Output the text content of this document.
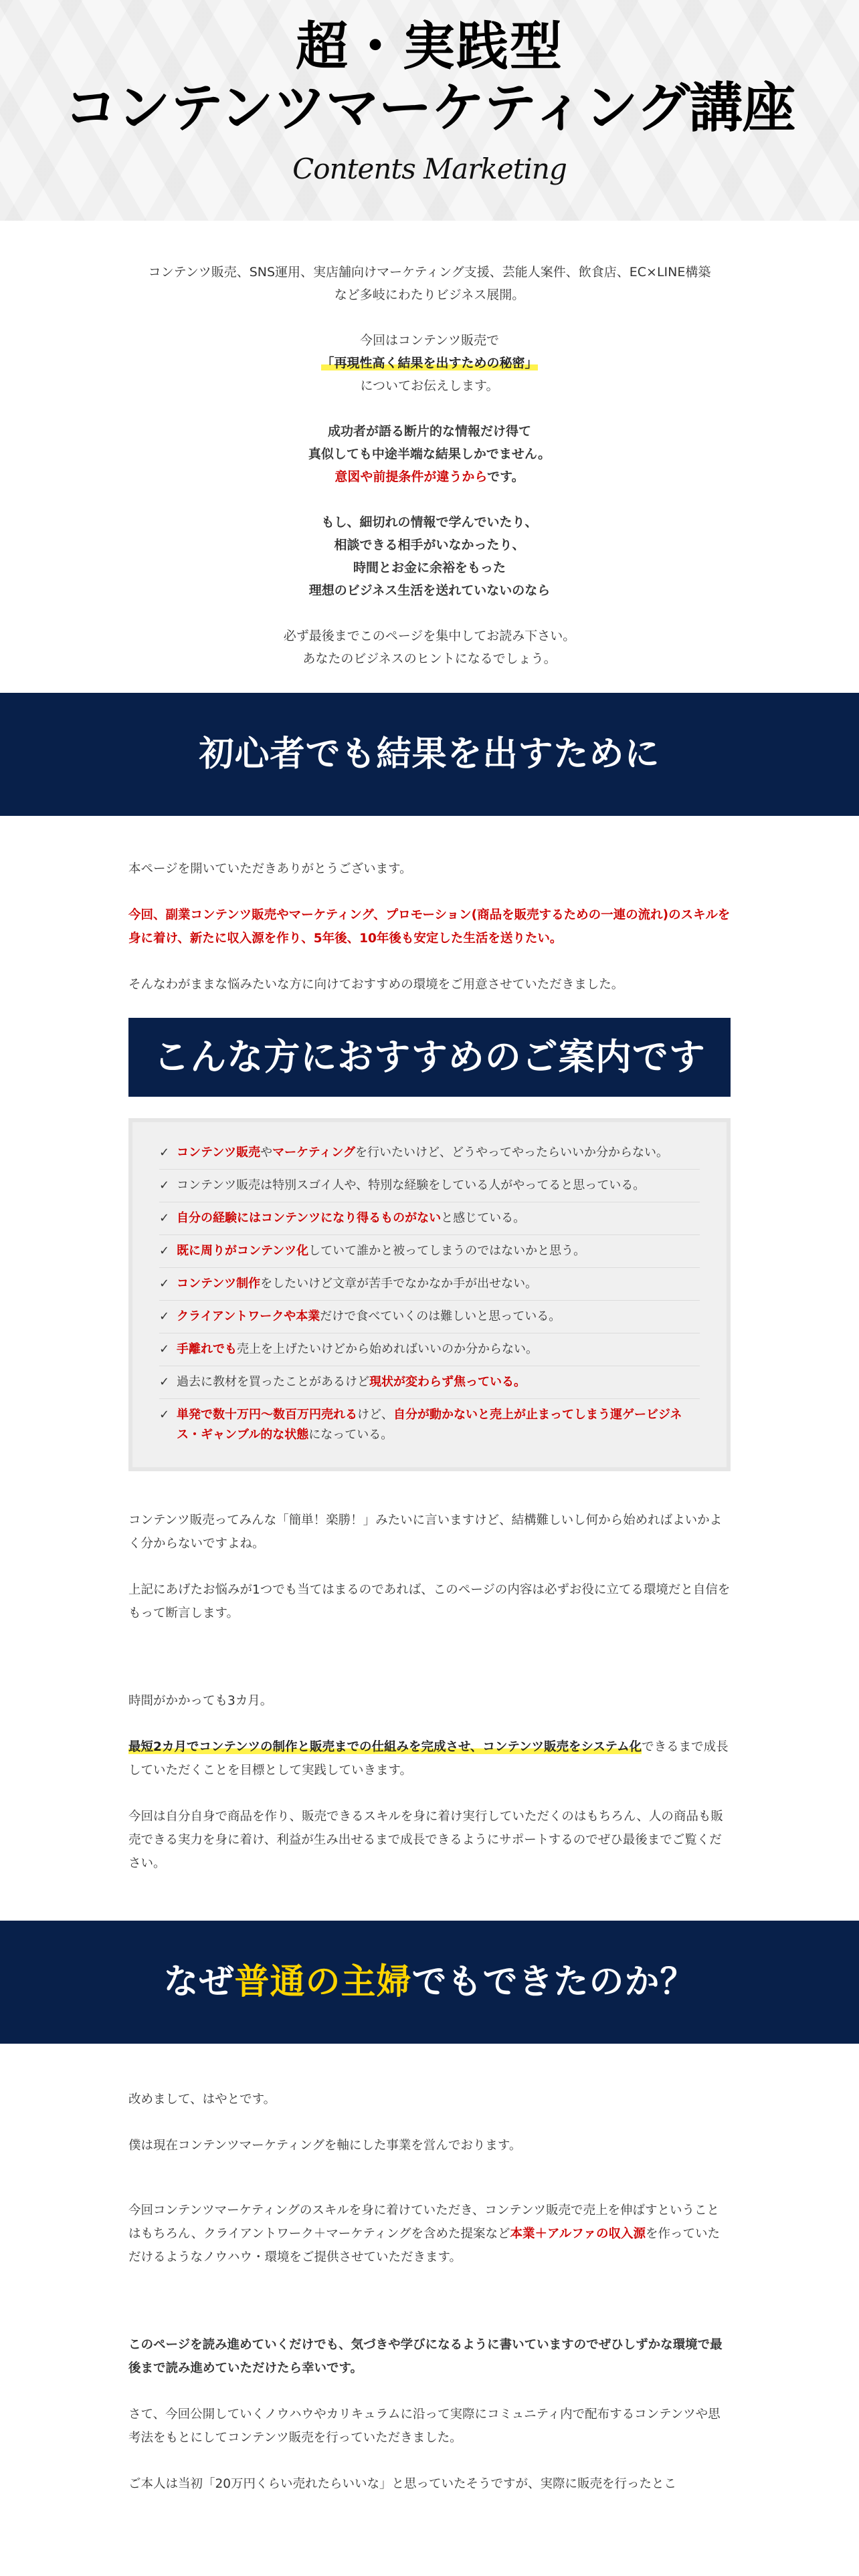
超・実践型
コンテンツマーケティング講座
Contents Marketing

コンテンツ販売、SNS運用、実店舗向けマーケティング支援、芸能人案件、飲食店、EC×LINE構築
など多岐にわたりビジネス展開。

今回はコンテンツ販売で
「再現性高く結果を出すための秘密」
についてお伝えします。

成功者が語る断片的な情報だけ得て
真似しても中途半端な結果しかでません。
意図や前提条件が違うからです。

もし、細切れの情報で学んでいたり、
相談できる相手がいなかったり、
時間とお金に余裕をもった
理想のビジネス生活を送れていないのなら

必ず最後までこのページを集中してお読み下さい。
あなたのビジネスのヒントになるでしょう。

初心者でも結果を出すために

本ページを開いていただきありがとうございます。

今回、副業コンテンツ販売やマーケティング、プロモーション(商品を販売するための一連の流れ)のスキルを身に着け、新たに収入源を作り、5年後、10年後も安定した生活を送りたい。

そんなわがままな悩みたいな方に向けておすすめの環境をご用意させていただきました。

こんな方におすすめのご案内です
✓ コンテンツ販売やマーケティングを行いたいけど、どうやってやったらいいか分からない。
✓ コンテンツ販売は特別スゴイ人や、特別な経験をしている人がやってると思っている。
✓ 自分の経験にはコンテンツになり得るものがないと感じている。
✓ 既に周りがコンテンツ化していて誰かと被ってしまうのではないかと思う。
✓ コンテンツ制作をしたいけど文章が苦手でなかなか手が出せない。
✓ クライアントワークや本業だけで食べていくのは難しいと思っている。
✓ 手離れでも売上を上げたいけどから始めればいいのか分からない。
✓ 過去に教材を買ったことがあるけど現状が変わらず焦っている。
✓ 単発で数十万円〜数百万円売れるけど、自分が動かないと売上が止まってしまう運ゲービジネス・ギャンブル的な状態になっている。

コンテンツ販売ってみんな「簡単！楽勝！」みたいに言いますけど、結構難しいし何から始めればよいかよく分からないですよね。

上記にあげたお悩みが1つでも当てはまるのであれば、このページの内容は必ずお役に立てる環境だと自信をもって断言します。

時間がかかっても3カ月。

最短2カ月でコンテンツの制作と販売までの仕組みを完成させ、コンテンツ販売をシステム化できるまで成長していただくことを目標として実践していきます。

今回は自分自身で商品を作り、販売できるスキルを身に着け実行していただくのはもちろん、人の商品も販売できる実力を身に着け、利益が生み出せるまで成長できるようにサポートするのでぜひ最後までご覧ください。

なぜ普通の主婦でもできたのか？

改めまして、はやとです。

僕は現在コンテンツマーケティングを軸にした事業を営んでおります。

今回コンテンツマーケティングのスキルを身に着けていただき、コンテンツ販売で売上を伸ばすということはもちろん、クライアントワーク＋マーケティングを含めた提案など本業＋アルファの収入源を作っていただけるようなノウハウ・環境をご提供させていただきます。

このページを読み進めていくだけでも、気づきや学びになるように書いていますのでぜひしずかな環境で最後まで読み進めていただけたら幸いです。

さて、今回公開していくノウハウやカリキュラムに沿って実際にコミュニティ内で配布するコンテンツや思考法をもとにしてコンテンツ販売を行っていただきました。

ご本人は当初「20万円くらい売れたらいいな」と思っていたそうですが、実際に販売を行ったとこ
